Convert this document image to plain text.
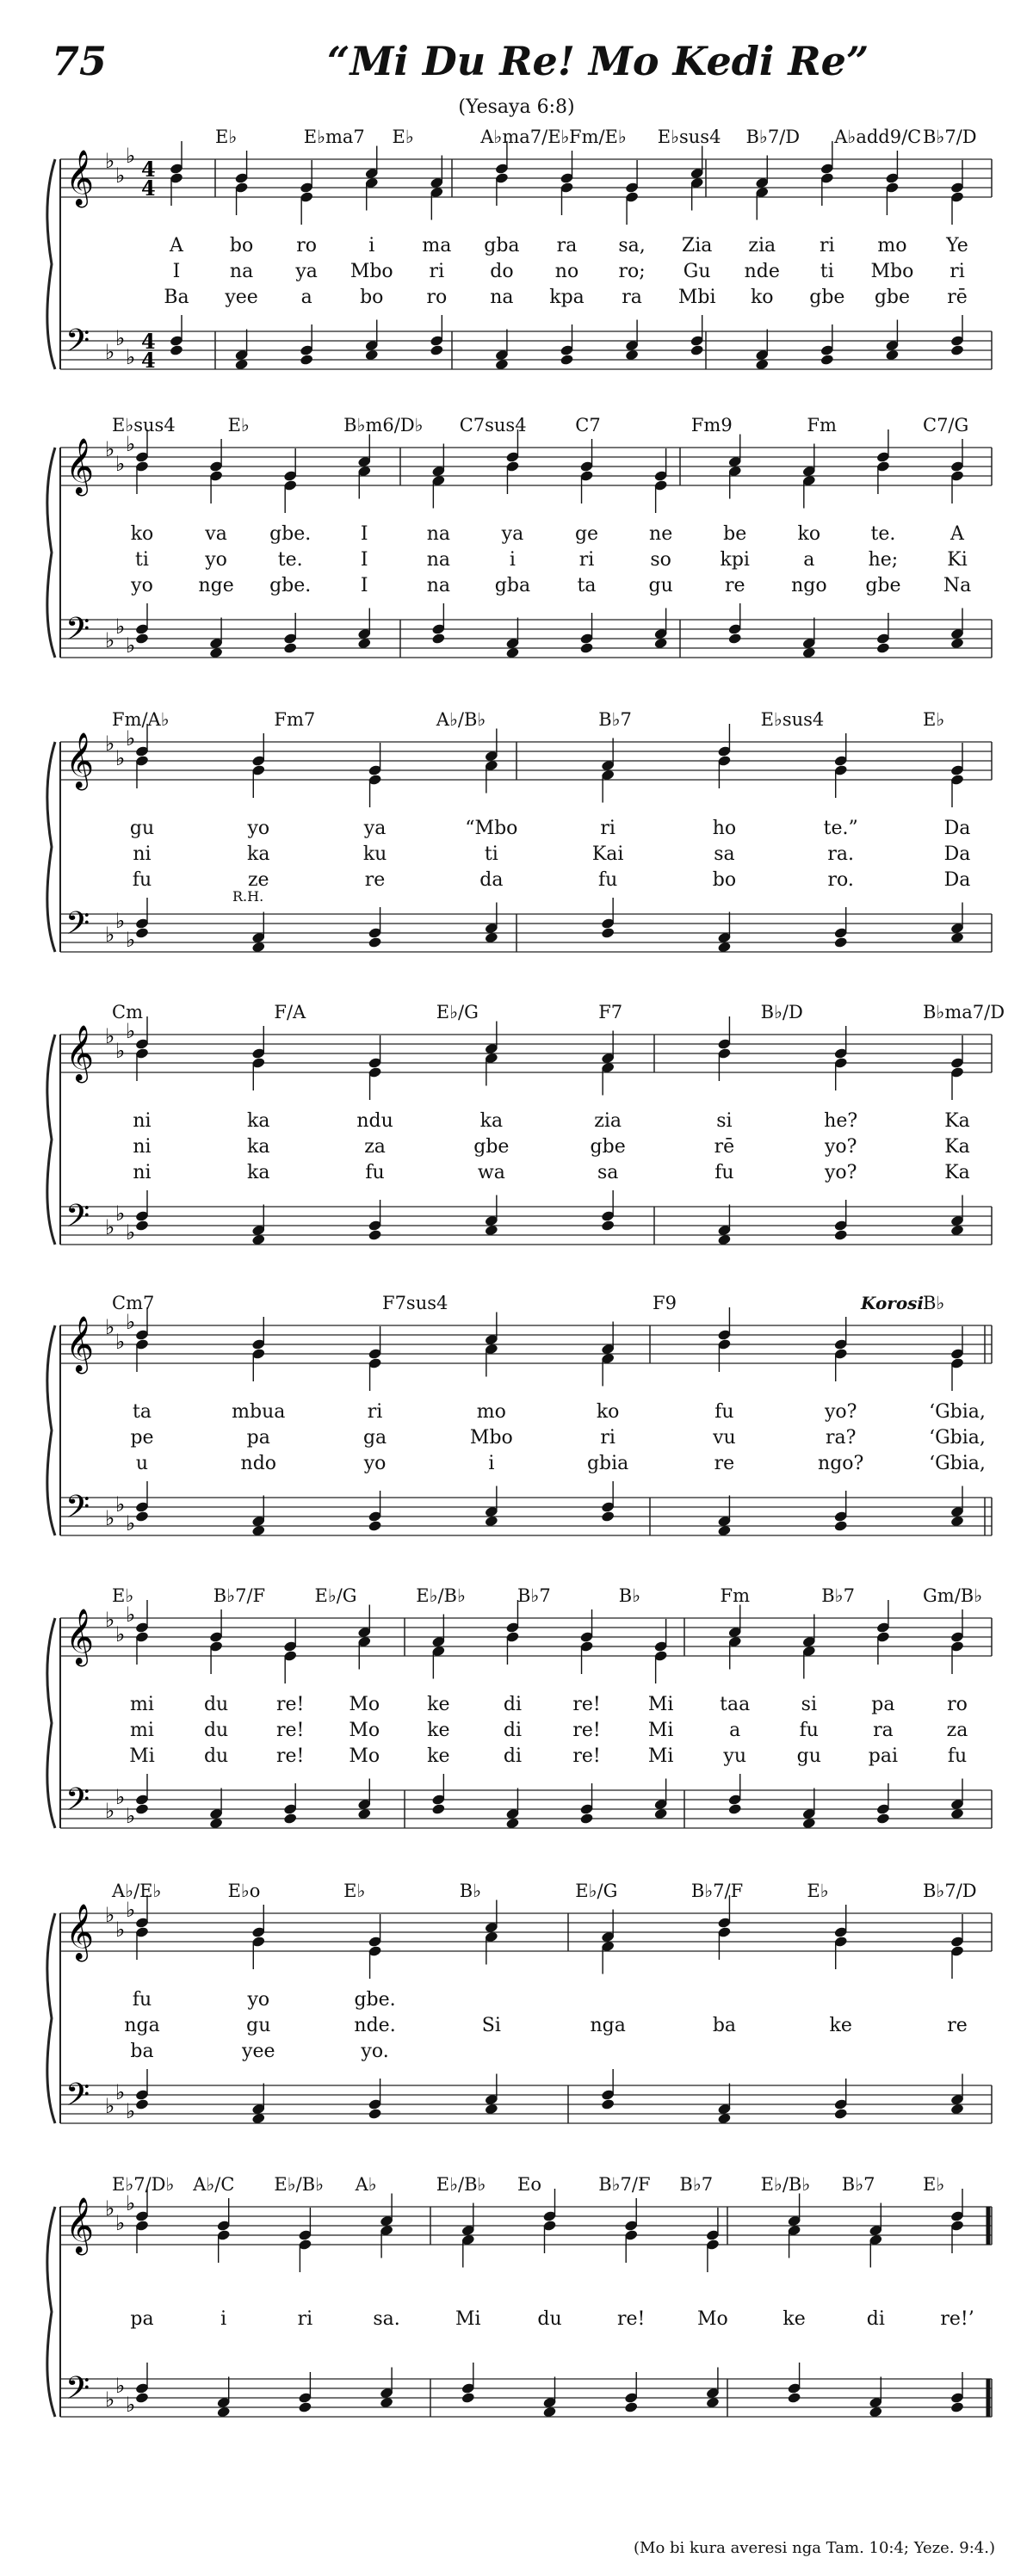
75	“Mi Du Re! Mo Kedi Re”
(Yesaya 6:8)
𝄞 ♭
♭
♭
4
4
𝄢 ♭
♭
♭
4
4
E♭	E♭ma7 E♭	A♭ma7/E♭ Fm/E♭ E♭sus4 B♭7/D A♭add9/C B♭7/D
A bo ro	i	ma gba ra sa, Zia zia ri mo Ye
I	na ya Mbo ri do no ro; Gu nde ti Mbo ri
Ba yee a	bo ro na kpa ra Mbi ko gbe gbe rē
𝄞 ♭
♭
♭
𝄢 ♭
♭
♭
E♭sus4	E♭	B♭m6/D♭ C7sus4	C7	Fm9	Fm	C7/G
ko	va gbe.	I	na	ya	ge	ne	be	ko	te.	A
ti	yo	te.	I	na	i	ri	so	kpi	a	he;	Ki
yo nge gbe.	I	na gba ta	gu	re ngo gbe Na
𝄞 ♭
♭
♭
𝄢 ♭
♭
♭
Fm/A♭	Fm7	A♭/B♭	B♭7	E♭sus4	E♭
R.H.
gu	yo	ya	“Mbo	ri	ho	te.”	Da
ni	ka	ku	ti	Kai	sa	ra.	Da
fu	ze	re	da	fu	bo	ro.	Da
𝄞 ♭
♭
♭
𝄢 ♭
♭
♭
Cm	F/A	E♭/G	F7	B♭/D	B♭ma7/D
ni	ka	ndu	ka	zia	si	he?	Ka
ni	ka	za	gbe	gbe	rē	yo?	Ka
ni	ka	fu	wa	sa	fu	yo?	Ka
𝄞 ♭
♭
♭
𝄢 ♭
♭
♭
Cm7	F7sus4	F9	B♭
Korosi
ta	mbua	ri	mo	ko	fu	yo?	‘Gbia,
pe	pa	ga	Mbo	ri	vu	ra?	‘Gbia,
u	ndo	yo	i	gbia	re	ngo?	‘Gbia,
𝄞 ♭
♭
♭
𝄢 ♭
♭
♭
E♭	B♭7/F	E♭/G	E♭/B♭	B♭7	B♭	Fm	B♭7	Gm/B♭
mi	du	re! Mo	ke	di	re!	Mi taa	si	pa	ro
mi	du	re! Mo	ke	di	re!	Mi	a	fu	ra	za
Mi	du	re! Mo	ke	di	re!	Mi	yu	gu pai	fu
𝄞 ♭
♭
♭
𝄢 ♭
♭
♭
A♭/E♭	E♭o	E♭	B♭	E♭/G	B♭7/F	E♭	B♭7/D
fu	yo	gbe.
nga	gu	nde.	Si	nga	ba	ke	re
ba	yee	yo.
𝄞 ♭
♭
♭
𝄢 ♭
♭
♭
E♭7/D♭ A♭/C E♭/B♭ A♭	E♭/B♭ Eo	B♭7/F B♭7	E♭/B♭ B♭7	E♭
pa	i	ri	sa.	Mi	du	re!	Mo	ke	di	re!’
(Mo bi kura averesi nga Tam. 10:4; Yeze. 9:4.)
